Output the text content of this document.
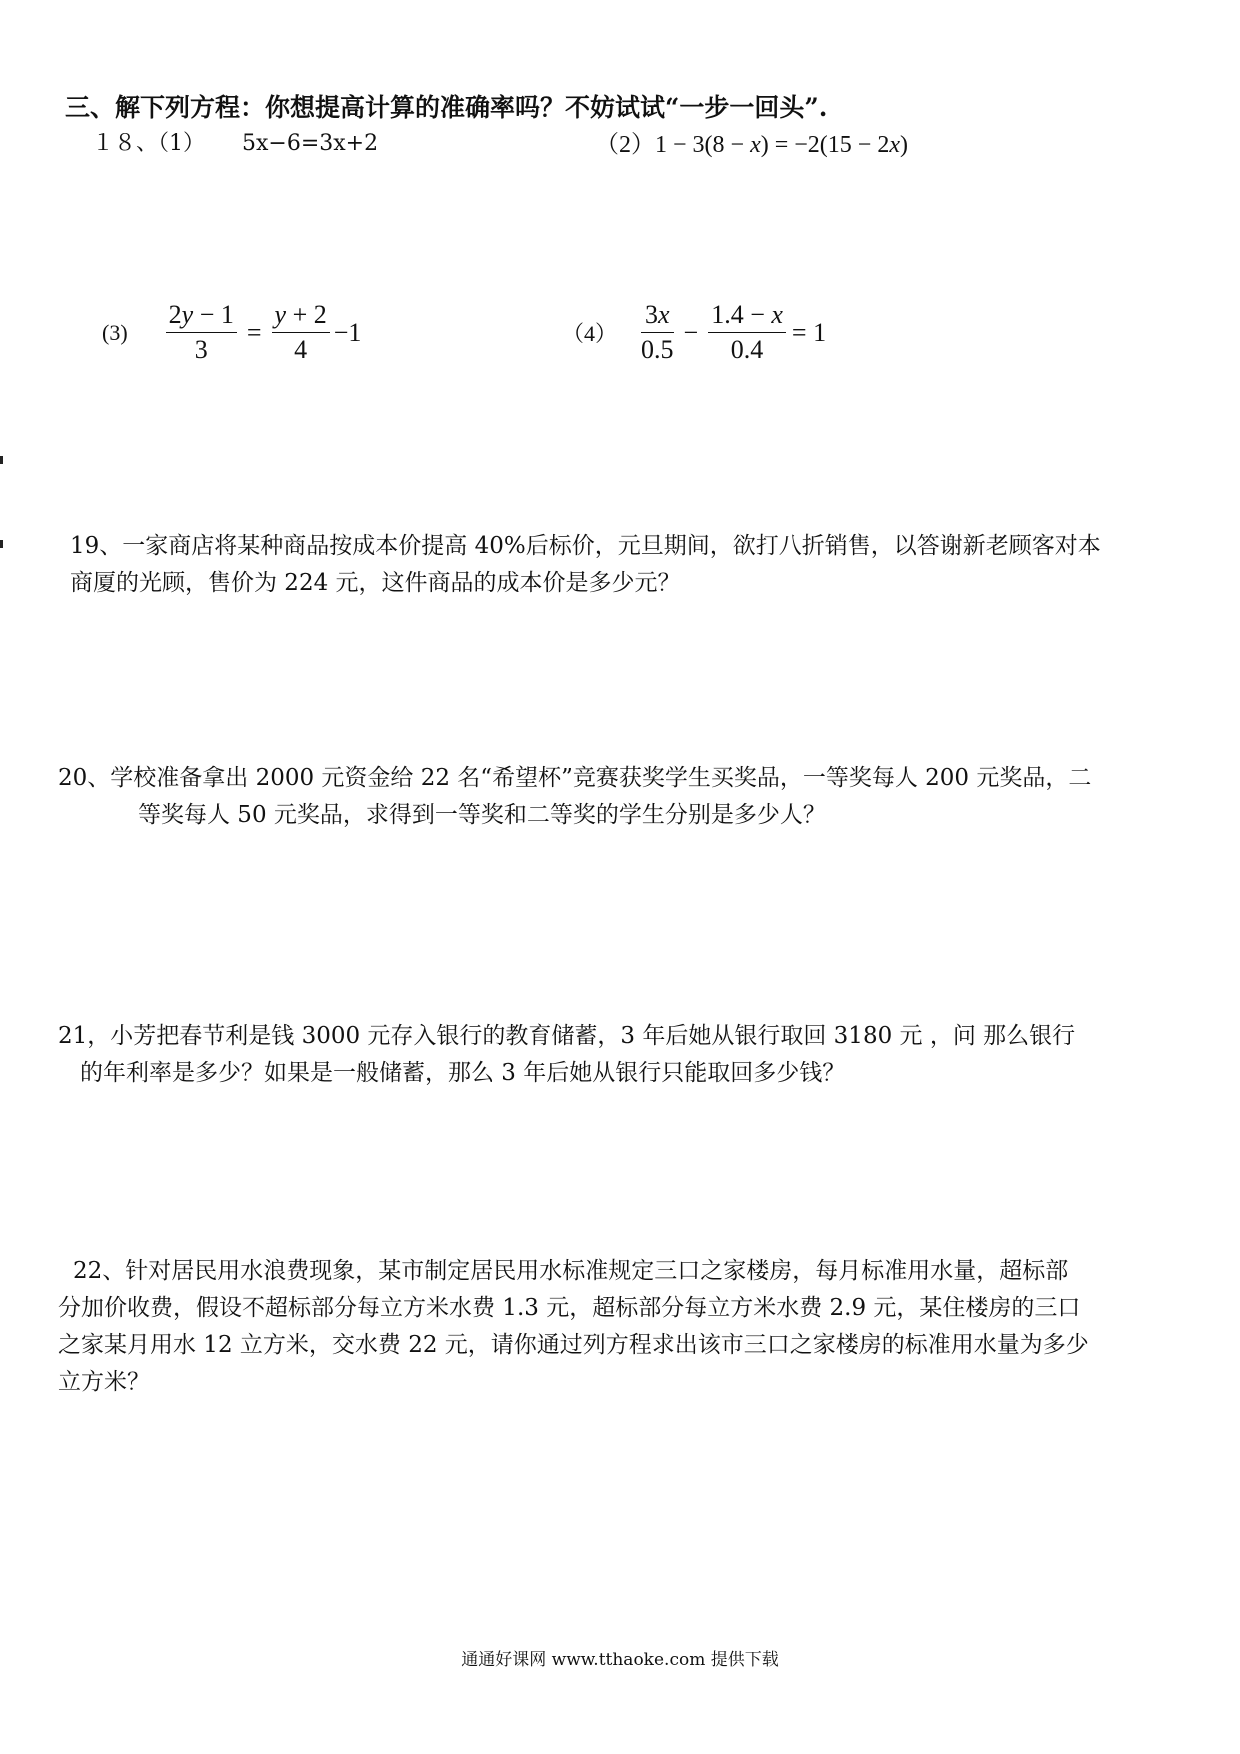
三、解下列方程：你想提高计算的准确率吗？不妨试试“一步一回头”.
１８、（1） 5x−6=3x+2	（2）1 − 3(8 − x) = −2(15 − 2x)
$(3) \frac{2y - 1}{3} = \frac{y + 2}{4} -1$	$(4) \frac{3x}{0.5} - \frac{1.4 - x}{0.4} = 1$
19、一家商店将某种商品按成本价提高 40%后标价，元旦期间，欲打八折销售，以答谢新老顾客对本
商厦的光顾，售价为 224 元，这件商品的成本价是多少元？
20、学校准备拿出 2000 元资金给 22 名“希望杯”竞赛获奖学生买奖品，一等奖每人 200 元奖品，二
等奖每人 50 元奖品，求得到一等奖和二等奖的学生分别是多少人？
21，小芳把春节利是钱 3000 元存入银行的教育储蓄，3 年后她从银行取回 3180 元 ，问 那么银行
的年利率是多少？如果是一般储蓄，那么 3 年后她从银行只能取回多少钱？
22、针对居民用水浪费现象，某市制定居民用水标准规定三口之家楼房，每月标准用水量，超标部
分加价收费，假设不超标部分每立方米水费 1.3 元，超标部分每立方米水费 2.9 元，某住楼房的三口
之家某月用水 12 立方米，交水费 22 元，请你通过列方程求出该市三口之家楼房的标准用水量为多少
立方米？
通通好课网 www.tthaoke.com 提供下载
